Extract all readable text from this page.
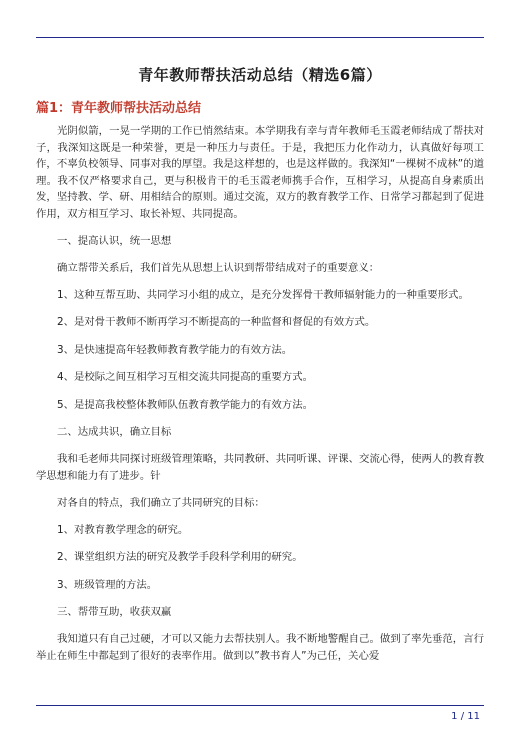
青年教师帮扶活动总结（精选6篇）
篇1：青年教师帮扶活动总结

光阴似箭，一晃一学期的工作已悄然结束。本学期我有幸与青年教师毛玉霞老师结成了帮扶对子，我深知这既是一种荣誉，更是一种压力与责任。于是，我把压力化作动力，认真做好每项工作，不辜负校领导、同事对我的厚望。我是这样想的，也是这样做的。我深知“一棵树不成林”的道理。我不仅严格要求自己，更与积极肯干的毛玉霞老师携手合作，互相学习，从提高自身素质出发，坚持教、学、研、用相结合的原则。通过交流，双方的教育教学工作、日常学习都起到了促进作用，双方相互学习、取长补短、共同提高。

一、提高认识，统一思想

确立帮带关系后，我们首先从思想上认识到帮带结成对子的重要意义：

1、这种互帮互助、共同学习小组的成立，是充分发挥骨干教师辐射能力的一种重要形式。

2、是对骨干教师不断再学习不断提高的一种监督和督促的有效方式。

3、是快速提高年轻教师教育教学能力的有效方法。

4、是校际之间互相学习互相交流共同提高的重要方式。

5、是提高我校整体教师队伍教育教学能力的有效方法。

二、达成共识，确立目标

我和毛老师共同探讨班级管理策略，共同教研、共同听课、评课、交流心得，使两人的教育教学思想和能力有了进步。针

对各自的特点，我们确立了共同研究的目标：

1、对教育教学理念的研究。

2、课堂组织方法的研究及教学手段科学利用的研究。

3、班级管理的方法。

三、帮带互助，收获双赢

我知道只有自己过硬，才可以又能力去帮扶别人。我不断地警醒自己。做到了率先垂范，言行举止在师生中都起到了很好的表率作用。做到以”教书育人”为己任，关心爱

1 / 11
